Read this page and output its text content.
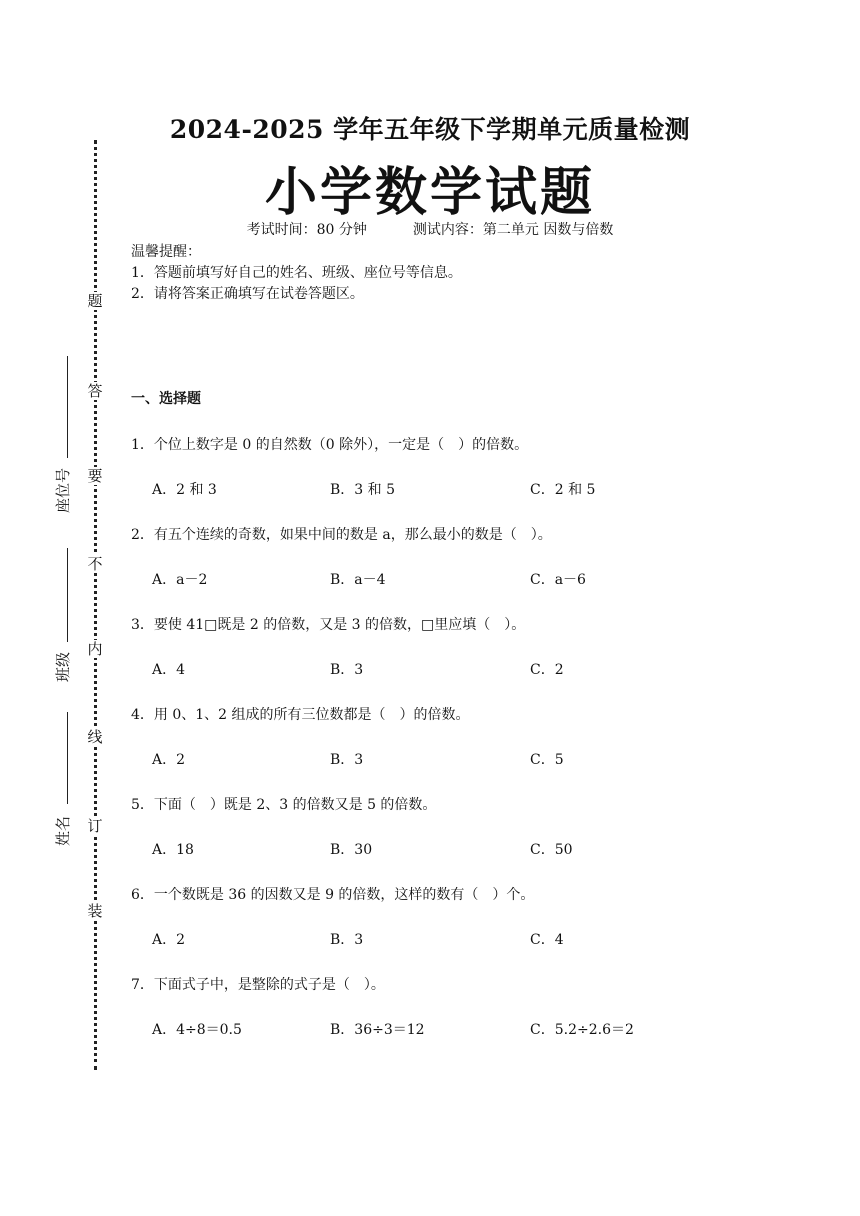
题
答
要
不
内
线
订
装
座位号
班级
姓名
2024-2025 学年五年级下学期单元质量检测
小学数学试题
考试时间：80 分钟	测试内容：第二单元 因数与倍数
温馨提醒：
1．答题前填写好自己的姓名、班级、座位号等信息。
2．请将答案正确填写在试卷答题区。
一、选择题
1．个位上数字是 0 的自然数（0 除外），一定是（　）的倍数。
A．2 和 3	B．3 和 5	C．2 和 5
2．有五个连续的奇数，如果中间的数是 a，那么最小的数是（　）。
A．a－2	B．a－4	C．a－6
3．要使 41□既是 2 的倍数，又是 3 的倍数，□里应填（　）。
A．4	B．3	C．2
4．用 0、1、2 组成的所有三位数都是（　）的倍数。
A．2	B．3	C．5
5．下面（　）既是 2、3 的倍数又是 5 的倍数。
A．18	B．30	C．50
6．一个数既是 36 的因数又是 9 的倍数，这样的数有（　）个。
A．2	B．3	C．4
7．下面式子中，是整除的式子是（　）。
A．4÷8＝0.5	B．36÷3＝12	C．5.2÷2.6＝2
